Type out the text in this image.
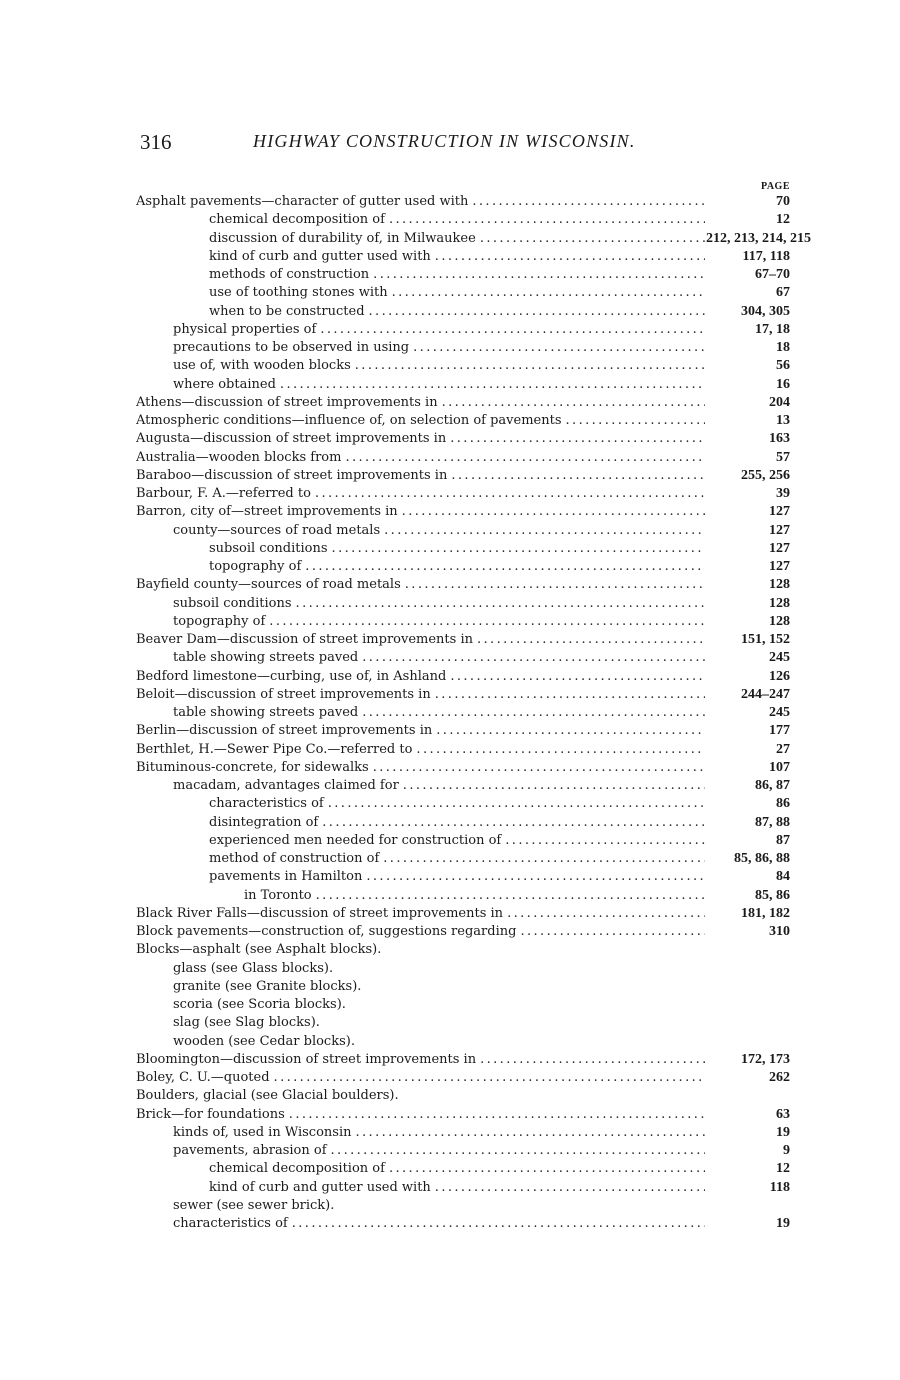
316	HIGHWAY CONSTRUCTION IN WISCONSIN.
PAGE
Asphalt pavements—character of gutter used with .....	70
chemical decomposition of .....	12
discussion of durability of, in Milwaukee .....	212, 213, 214, 215
kind of curb and gutter used with .....	117, 118
methods of construction .....	67–70
use of toothing stones with .....	67
when to be constructed .....	304, 305
physical properties of .....	17, 18
precautions to be observed in using .....	18
use of, with wooden blocks .....	56
where obtained .....	16
Athens—discussion of street improvements in .....	204
Atmospheric conditions—influence of, on selection of pavements .....	13
Augusta—discussion of street improvements in .....	163
Australia—wooden blocks from .....	57
Baraboo—discussion of street improvements in .....	255, 256
Barbour, F. A.—referred to .....	39
Barron, city of—street improvements in .....	127
county—sources of road metals .....	127
subsoil conditions .....	127
topography of .....	127
Bayfield county—sources of road metals .....	128
subsoil conditions .....	128
topography of .....	128
Beaver Dam—discussion of street improvements in .....	151, 152
table showing streets paved .....	245
Bedford limestone—curbing, use of, in Ashland .....	126
Beloit—discussion of street improvements in .....	244–247
table showing streets paved .....	245
Berlin—discussion of street improvements in .....	177
Berthlet, H.—Sewer Pipe Co.—referred to .....	27
Bituminous-concrete, for sidewalks .....	107
macadam, advantages claimed for .....	86, 87
characteristics of .....	86
disintegration of .....	87, 88
experienced men needed for construction of .....	87
method of construction of .....	85, 86, 88
pavements in Hamilton .....	84
in Toronto .....	85, 86
Black River Falls—discussion of street improvements in .....	181, 182
Block pavements—construction of, suggestions regarding .....	310
Blocks—asphalt (see Asphalt blocks).
glass (see Glass blocks).
granite (see Granite blocks).
scoria (see Scoria blocks).
slag (see Slag blocks).
wooden (see Cedar blocks).
Bloomington—discussion of street improvements in .....	172, 173
Boley, C. U.—quoted .....	262
Boulders, glacial (see Glacial boulders).
Brick—for foundations .....	63
kinds of, used in Wisconsin .....	19
pavements, abrasion of .....	9
chemical decomposition of .....	12
kind of curb and gutter used with .....	118
sewer (see sewer brick).
characteristics of .....	19
